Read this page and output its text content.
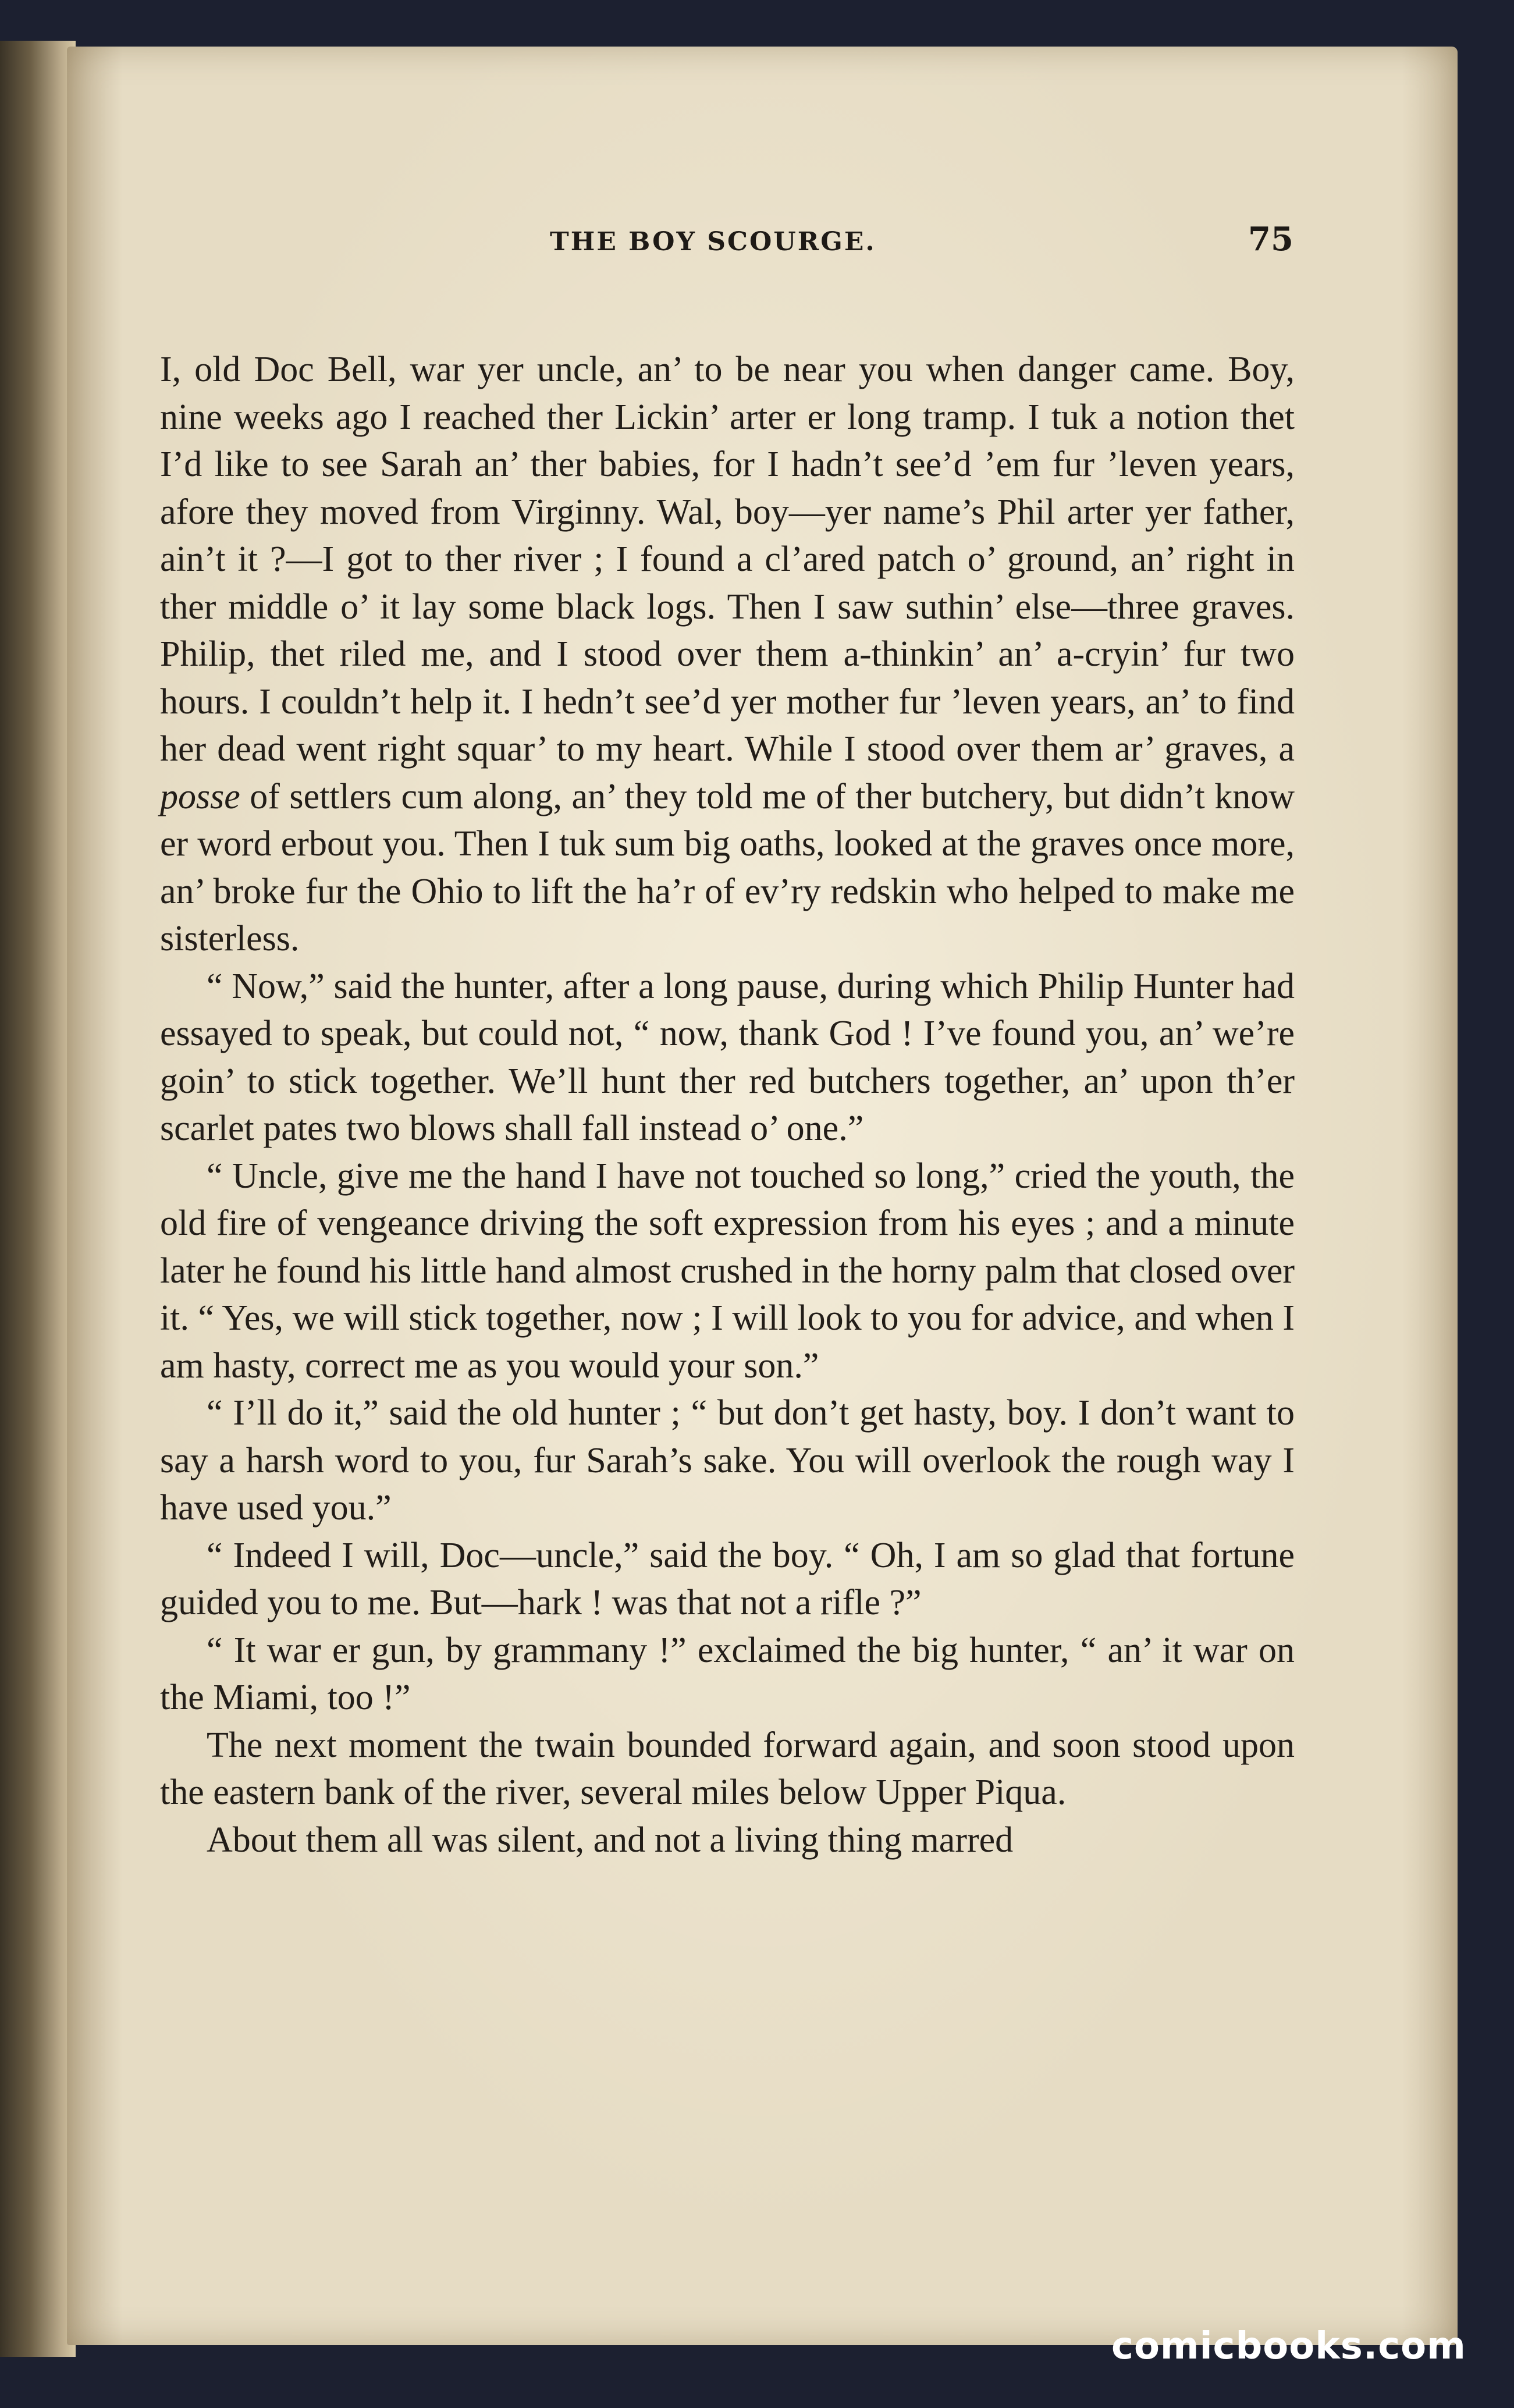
THE BOY SCOURGE.	75

I, old Doc Bell, war yer uncle, an’ to be near you when danger came. Boy, nine weeks ago I reached ther Lickin’ arter er long tramp. I tuk a notion thet I’d like to see Sarah an’ ther babies, for I hadn’t see’d ’em fur ’leven years, afore they moved from Virginny. Wal, boy—yer name’s Phil arter yer father, ain’t it ?—I got to ther river ; I found a cl’ared patch o’ ground, an’ right in ther middle o’ it lay some black logs. Then I saw suthin’ else—three graves. Philip, thet riled me, and I stood over them a-thinkin’ an’ a-cryin’ fur two hours. I couldn’t help it. I hedn’t see’d yer mother fur ’leven years, an’ to find her dead went right squar’ to my heart. While I stood over them ar’ graves, a posse of settlers cum along, an’ they told me of ther butchery, but didn’t know er word erbout you. Then I tuk sum big oaths, looked at the graves once more, an’ broke fur the Ohio to lift the ha’r of ev’ry redskin who helped to make me sisterless.

“ Now,” said the hunter, after a long pause, during which Philip Hunter had essayed to speak, but could not, “ now, thank God ! I’ve found you, an’ we’re goin’ to stick together. We’ll hunt ther red butchers together, an’ upon th’er scarlet pates two blows shall fall instead o’ one.”

“ Uncle, give me the hand I have not touched so long,” cried the youth, the old fire of vengeance driving the soft expression from his eyes ; and a minute later he found his little hand almost crushed in the horny palm that closed over it. “ Yes, we will stick together, now ; I will look to you for advice, and when I am hasty, correct me as you would your son.”

“ I’ll do it,” said the old hunter ; “ but don’t get hasty, boy. I don’t want to say a harsh word to you, fur Sarah’s sake. You will overlook the rough way I have used you.”

“ Indeed I will, Doc—uncle,” said the boy. “ Oh, I am so glad that fortune guided you to me. But—hark ! was that not a rifle ?”

“ It war er gun, by grammany !” exclaimed the big hunter, “ an’ it war on the Miami, too !”

The next moment the twain bounded forward again, and soon stood upon the eastern bank of the river, several miles below Upper Piqua.

About them all was silent, and not a living thing marred

comicbooks.com
